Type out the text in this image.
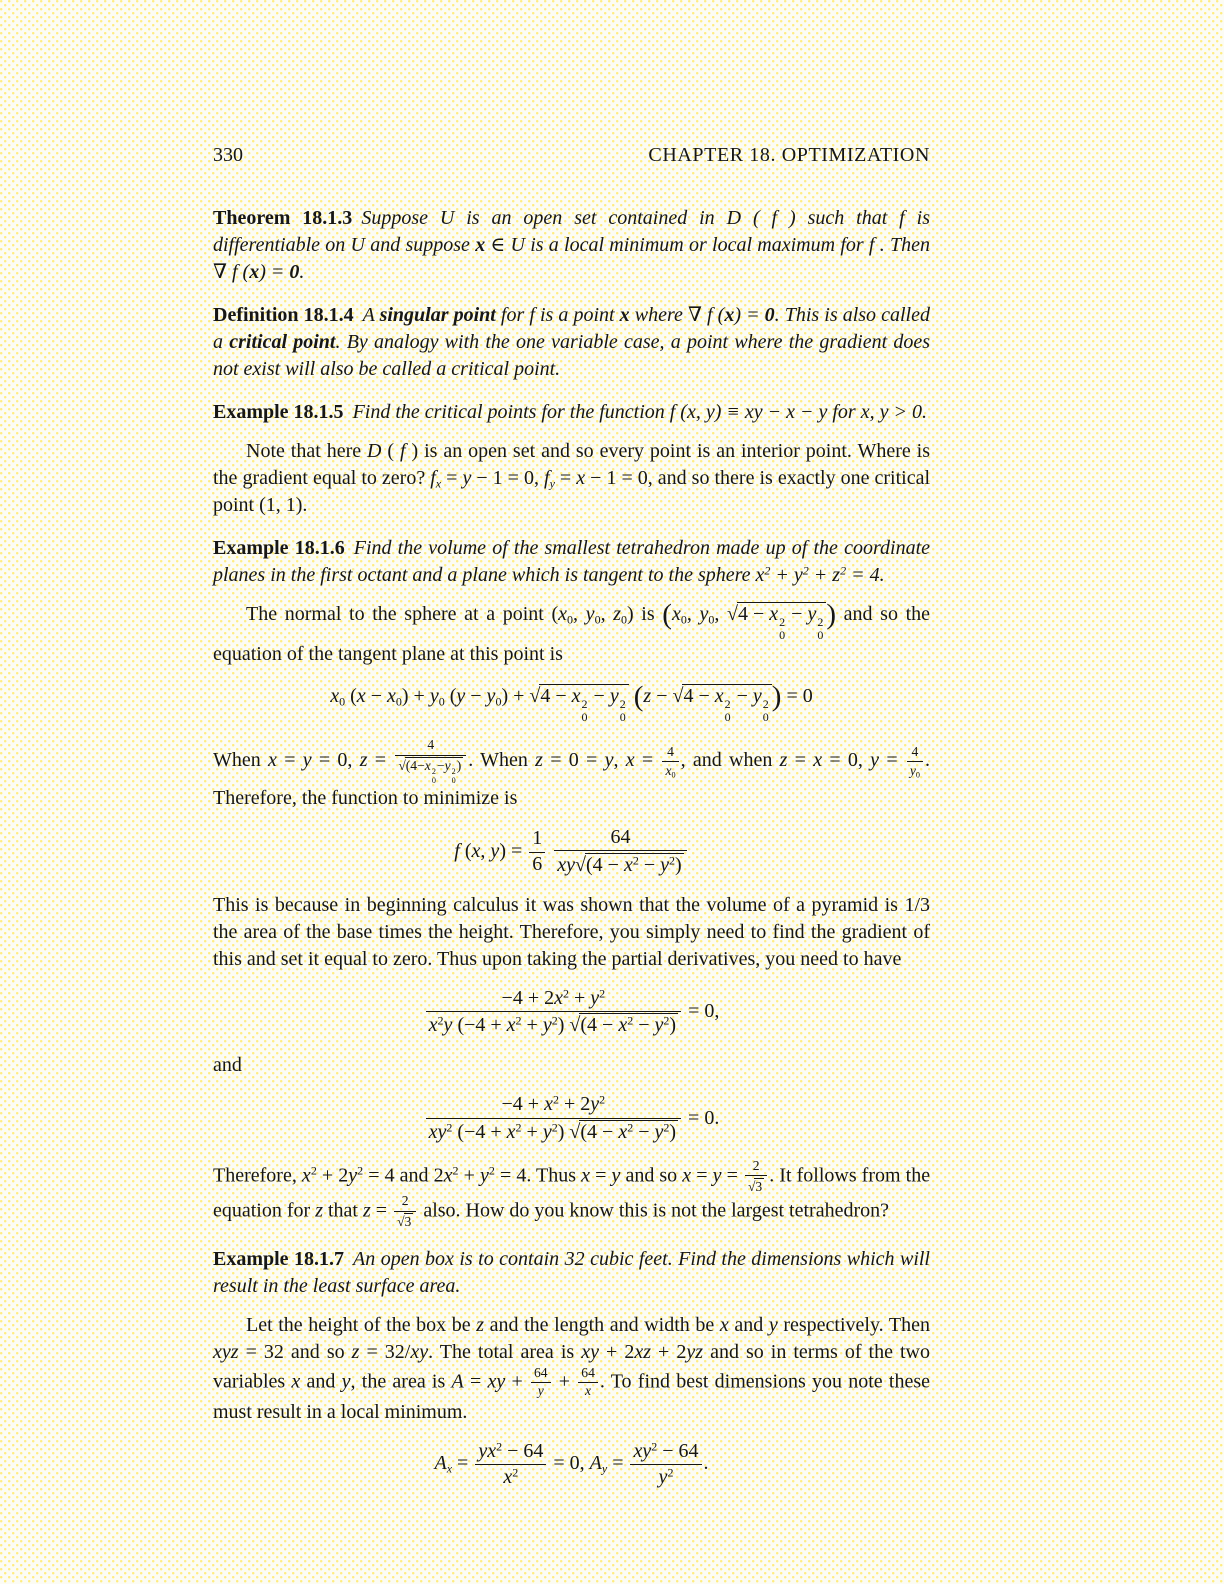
330	CHAPTER 18. OPTIMIZATION

Theorem 18.1.3 Suppose U is an open set contained in D ( f ) such that f is differentiable on U and suppose x ∈ U is a local minimum or local maximum for f . Then ∇ f (x) = 0.

Definition 18.1.4 A singular point for f is a point x where ∇ f (x) = 0. This is also called a critical point. By analogy with the one variable case, a point where the gradient does not exist will also be called a critical point.

Example 18.1.5 Find the critical points for the function f (x, y) ≡ xy − x − y for x, y > 0.

Note that here D ( f ) is an open set and so every point is an interior point. Where is the gradient equal to zero? fx = y − 1 = 0, fy = x − 1 = 0, and so there is exactly one critical point (1, 1).

Example 18.1.6 Find the volume of the smallest tetrahedron made up of the coordinate planes in the first octant and a plane which is tangent to the sphere $x^2 + y^2 + z^2 = 4$.

The normal to the sphere at a point (x0, y0, z0) is (x0, y0, √4 − x 2
0
− y 2
0
) and so the equation of the tangent plane at this point is

x0 (x − x0) + y0 (y − y0) + √4 − x 2
0
− y 2
0
(z − √4 − x 2
0
− y 2
0
) = 0

When x = y = 0, z = 4
√(4−x 2
0
−y 2
0
) . When z = 0 = y, $x = \frac{4}{x0}$ , and when z = x = 0, $y = \frac{4}{y0}$ . Therefore, the function to minimize is

f (x, $y) = \frac{1}{6}$
$\frac{64}{xy√(4 - x^2 - y^2)}$

This is because in beginning calculus it was shown that the volume of a pyramid is 1/3 the area of the base times the height. Therefore, you simply need to find the gradient of this and set it equal to zero. Thus upon taking the partial derivatives, you need to have

$\frac{-4 + 2x^2 + y^2}{x^2y (-4 + x^2 + y^2) √(4 - x^2 - y^2)} = 0$,

and

$\frac{-4 + x^2 + 2y^2}{xy^2 (-4 + x^2 + y^2) √(4 - x^2 - y^2)} = 0$.

Therefore, $x^2 + 2y^2 = 4$ and $2x^2 + y^2 = 4$. Thus x = y and so $x = y = \frac{2}{√3}$ . It follows from the equation for z that $z = \frac{2}{√3}$ also. How do you know this is not the largest tetrahedron?

Example 18.1.7 An open box is to contain 32 cubic feet. Find the dimensions which will result in the least surface area.

Let the height of the box be z and the length and width be x and y respectively. Then xyz = 32 and so z = 32/xy. The total area is xy + 2xz + 2yz and so in terms of the two variables x and y, the area is A = xy + $\frac{64}{y} + \frac{64}{x}$ . To find best dimensions you note these must result in a local minimum.

$Ax = \frac{yx^2 - 64}{x^2} = 0$, $Ay = \frac{xy^2 - 64}{y^2}$ .
